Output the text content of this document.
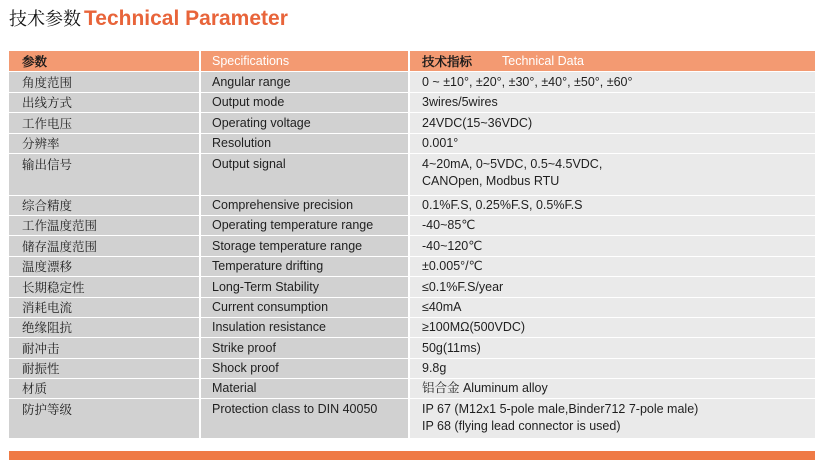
技术参数 Technical Parameter
参数	Specifications	技术指标 Technical Data
角度范围	Angular range	0 ~ ±10°, ±20°, ±30°, ±40°, ±50°, ±60°
出线方式	Output mode	3wires/5wires
工作电压	Operating voltage	24VDC(15~36VDC)
分辨率	Resolution	0.001°
输出信号	Output signal	4~20mA, 0~5VDC, 0.5~4.5VDC,
CANOpen, Modbus RTU
综合精度	Comprehensive precision	0.1%F.S, 0.25%F.S, 0.5%F.S
工作温度范围	Operating temperature range	-40~85℃
储存温度范围	Storage temperature range	-40~120℃
温度漂移	Temperature drifting	±0.005°/℃
长期稳定性	Long-Term Stability	≤0.1%F.S/year
消耗电流	Current consumption	≤40mA
绝缘阻抗	Insulation resistance	≥100MΩ(500VDC)
耐冲击	Strike proof	50g(11ms)
耐振性	Shock proof	9.8g
材质	Material	铝合金 Aluminum alloy
防护等级	Protection class to DIN 40050	IP 67 (M12x1 5-pole male,Binder712 7-pole male)
IP 68 (flying lead connector is used)
